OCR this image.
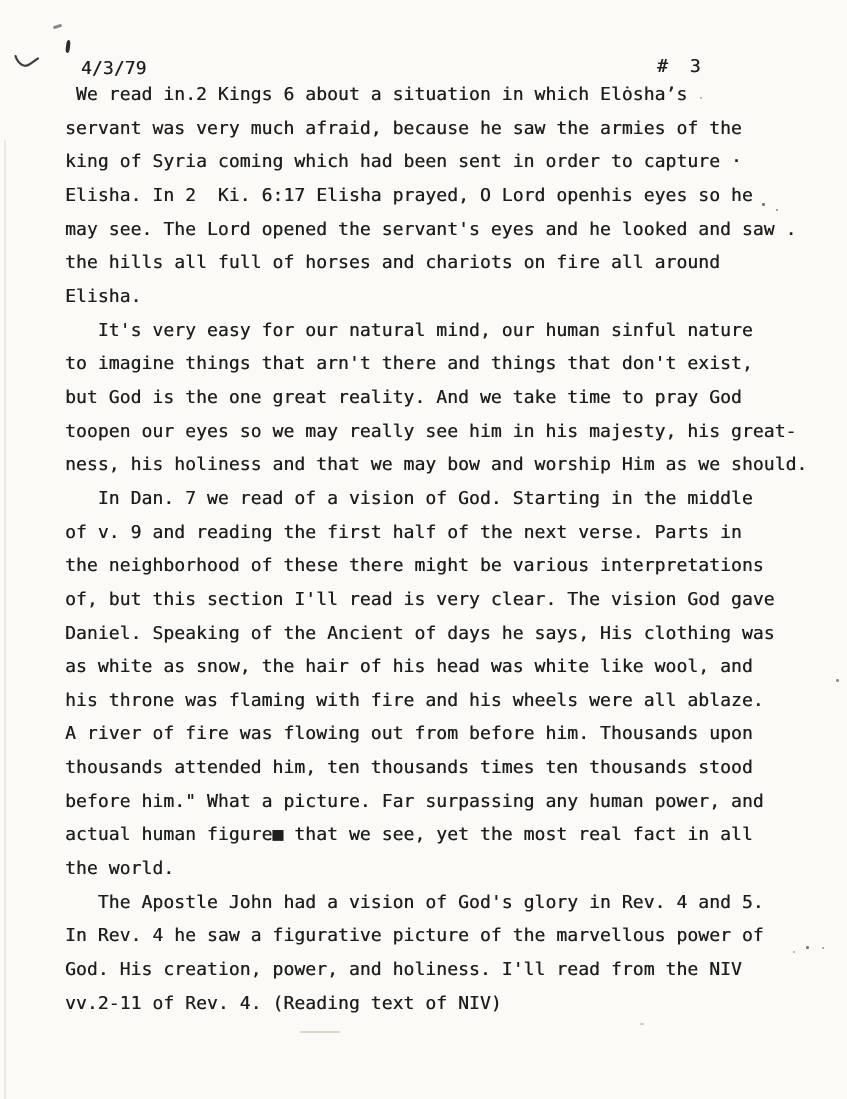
4/3/79	#  3
We read in.2 Kings 6 about a situation in which Elȯsha’s
servant was very much afraid, because he saw the armies of the
king of Syria coming which had been sent in order to capture ·
Elisha. In 2  Ki. 6:17 Elisha prayed, O Lord openhis eyes so he
may see. The Lord opened the servant's eyes and he looked and saw .
the hills all full of horses and chariots on fire all around
Elisha.
It's very easy for our natural mind, our human sinful nature
to imagine things that arn't there and things that don't exist,
but God is the one great reality. And we take time to pray God
toopen our eyes so we may really see him in his majesty, his great-
ness, his holiness and that we may bow and worship Him as we should.
In Dan. 7 we read of a vision of God. Starting in the middle
of v. 9 and reading the first half of the next verse. Parts in
the neighborhood of these there might be various interpretations
of, but this section I'll read is very clear. The vision God gave
Daniel. Speaking of the Ancient of days he says, His clothing was
as white as snow, the hair of his head was white like wool, and
his throne was flaming with fire and his wheels were all ablaze.
A river of fire was flowing out from before him. Thousands upon
thousands attended him, ten thousands times ten thousands stood
before him." What a picture. Far surpassing any human power, and
actual human figure■ that we see, yet the most real fact in all
the world.
The Apostle John had a vision of God's glory in Rev. 4 and 5.
In Rev. 4 he saw a figurative picture of the marvellous power of
God. His creation, power, and holiness. I'll read from the NIV
vv.2-11 of Rev. 4. (Reading text of NIV)
